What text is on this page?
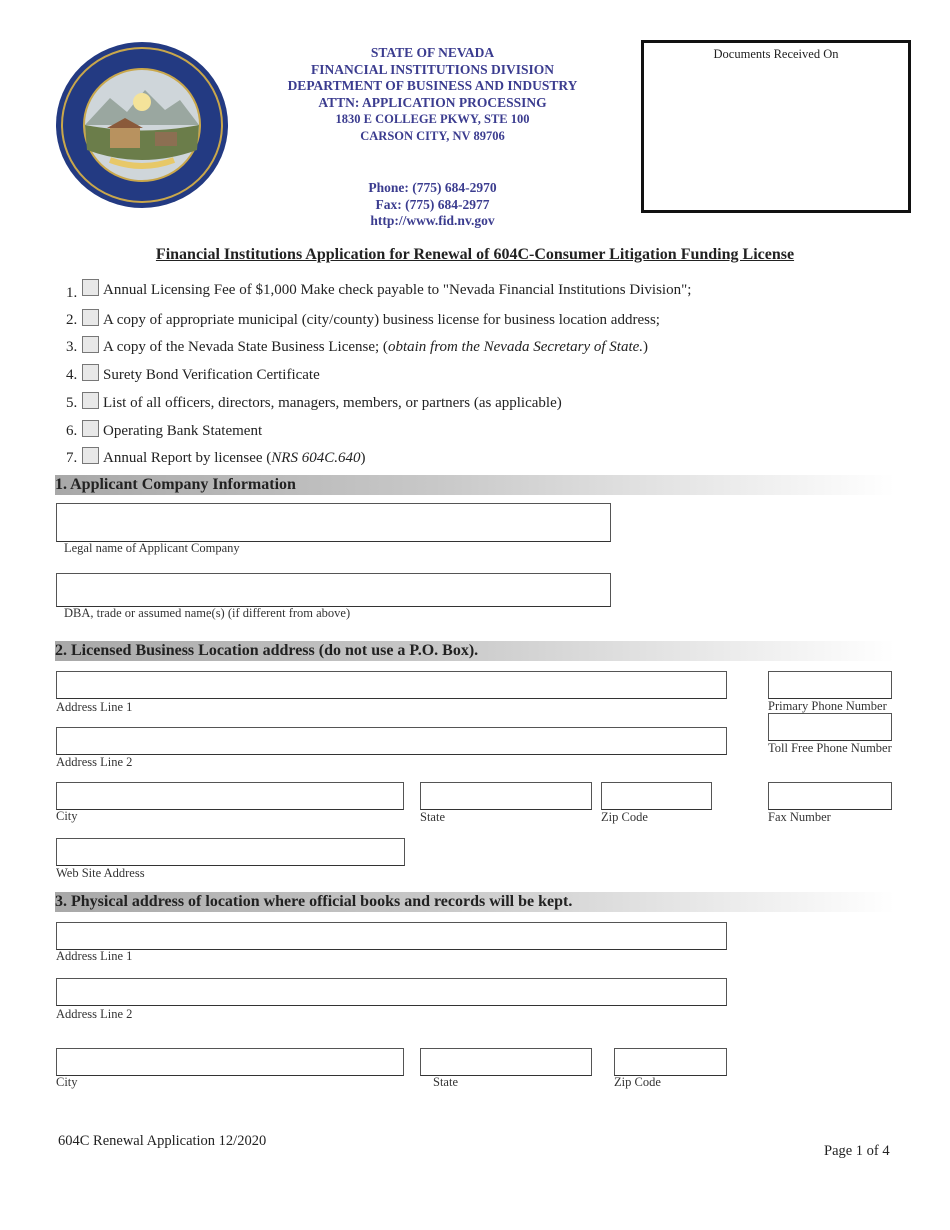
STATE OF NEVADA
FINANCIAL INSTITUTIONS DIVISION
DEPARTMENT OF BUSINESS AND INDUSTRY
ATTN: APPLICATION PROCESSING
1830 E COLLEGE PKWY, STE 100
CARSON CITY, NV 89706
Phone: (775) 684-2970
Fax: (775) 684-2977
http://www.fid.nv.gov
Documents Received On
Financial Institutions Application for Renewal of 604C-Consumer Litigation Funding License
1. Annual Licensing Fee of $1,000 Make check payable to "Nevada Financial Institutions Division";
2. A copy of appropriate municipal (city/county) business license for business location address;
3. A copy of the Nevada State Business License; (obtain from the Nevada Secretary of State.)
4. Surety Bond Verification Certificate
5. List of all officers, directors, managers, members, or partners (as applicable)
6. Operating Bank Statement
7. Annual Report by licensee (NRS 604C.640)
1. Applicant Company Information
Legal name of Applicant Company
DBA, trade or assumed name(s) (if different from above)
2. Licensed Business Location address (do not use a P.O. Box).
Address Line 1
Address Line 2
City	State	Zip Code
Web Site Address
Primary Phone Number
Toll Free Phone Number
Fax Number
3. Physical address of location where official books and records will be kept.
Address Line 1
Address Line 2
City	State	Zip Code
604C Renewal Application 12/2020
Page 1 of 4
